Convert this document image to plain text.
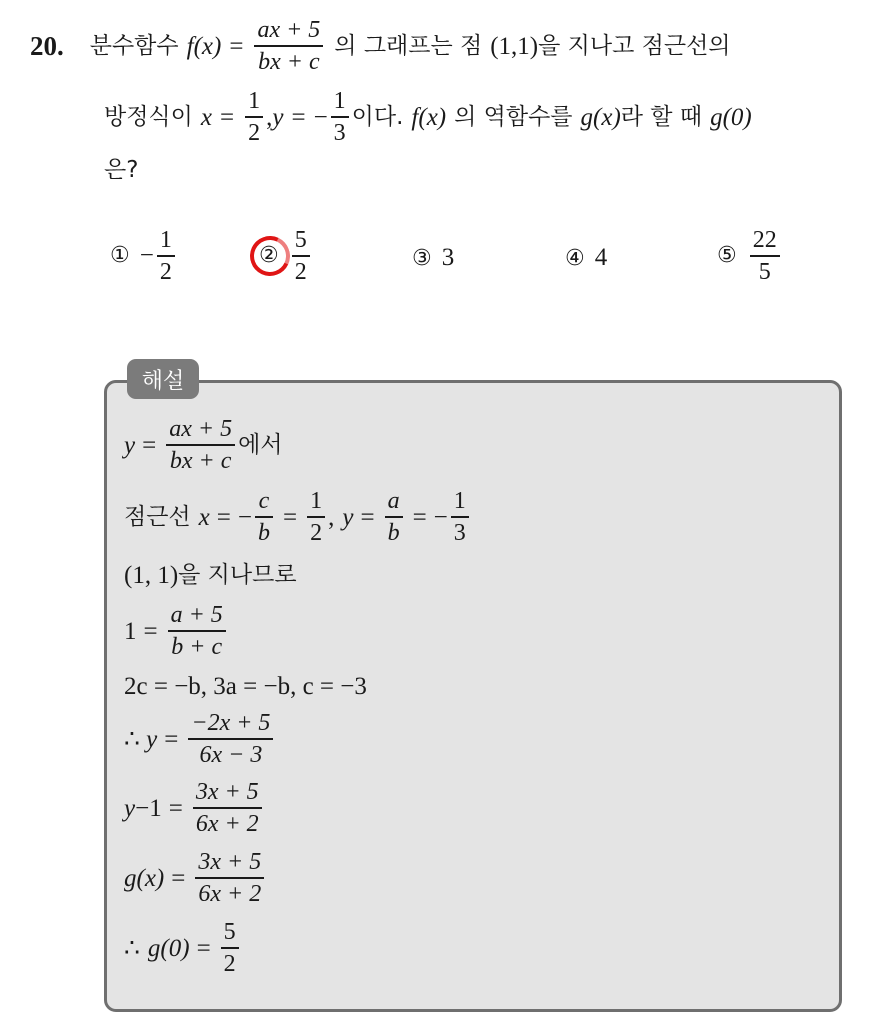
20. 분수함수 $f(x) = \frac{ax + 5}{bx + c}$ 의 그래프는 점 (1,1) 을 지나고 점근선의
방정식이 $x = \frac{1}{2}$ , y = − $\frac{1}{3}$ 이다. f(x) 의 역함수를 g(x) 라 할 때 g(0)
은?
① − $\frac{1}{2}$	② $\frac{5}{2}$	③ 3	④ 4	⑤ $\frac{22}{5}$
해설
$y = \frac{ax + 5}{bx + c}$ 에서
점근선 x = − $\frac{c}{b} = \frac{1}{2}$ , $y = \frac{a}{b}$ = − $\frac{1}{3}$
(1, 1) 을 지나므로
$1 = \frac{a + 5}{b + c}$
2c = −b, 3a = −b, c = −3
∴ $y = \frac{-2x + 5}{6x - 3}$
$y -1 = \frac{3x + 5}{6x + 2}$
$g(x) = \frac{3x + 5}{6x + 2}$
∴ $g(0) = \frac{5}{2}$
